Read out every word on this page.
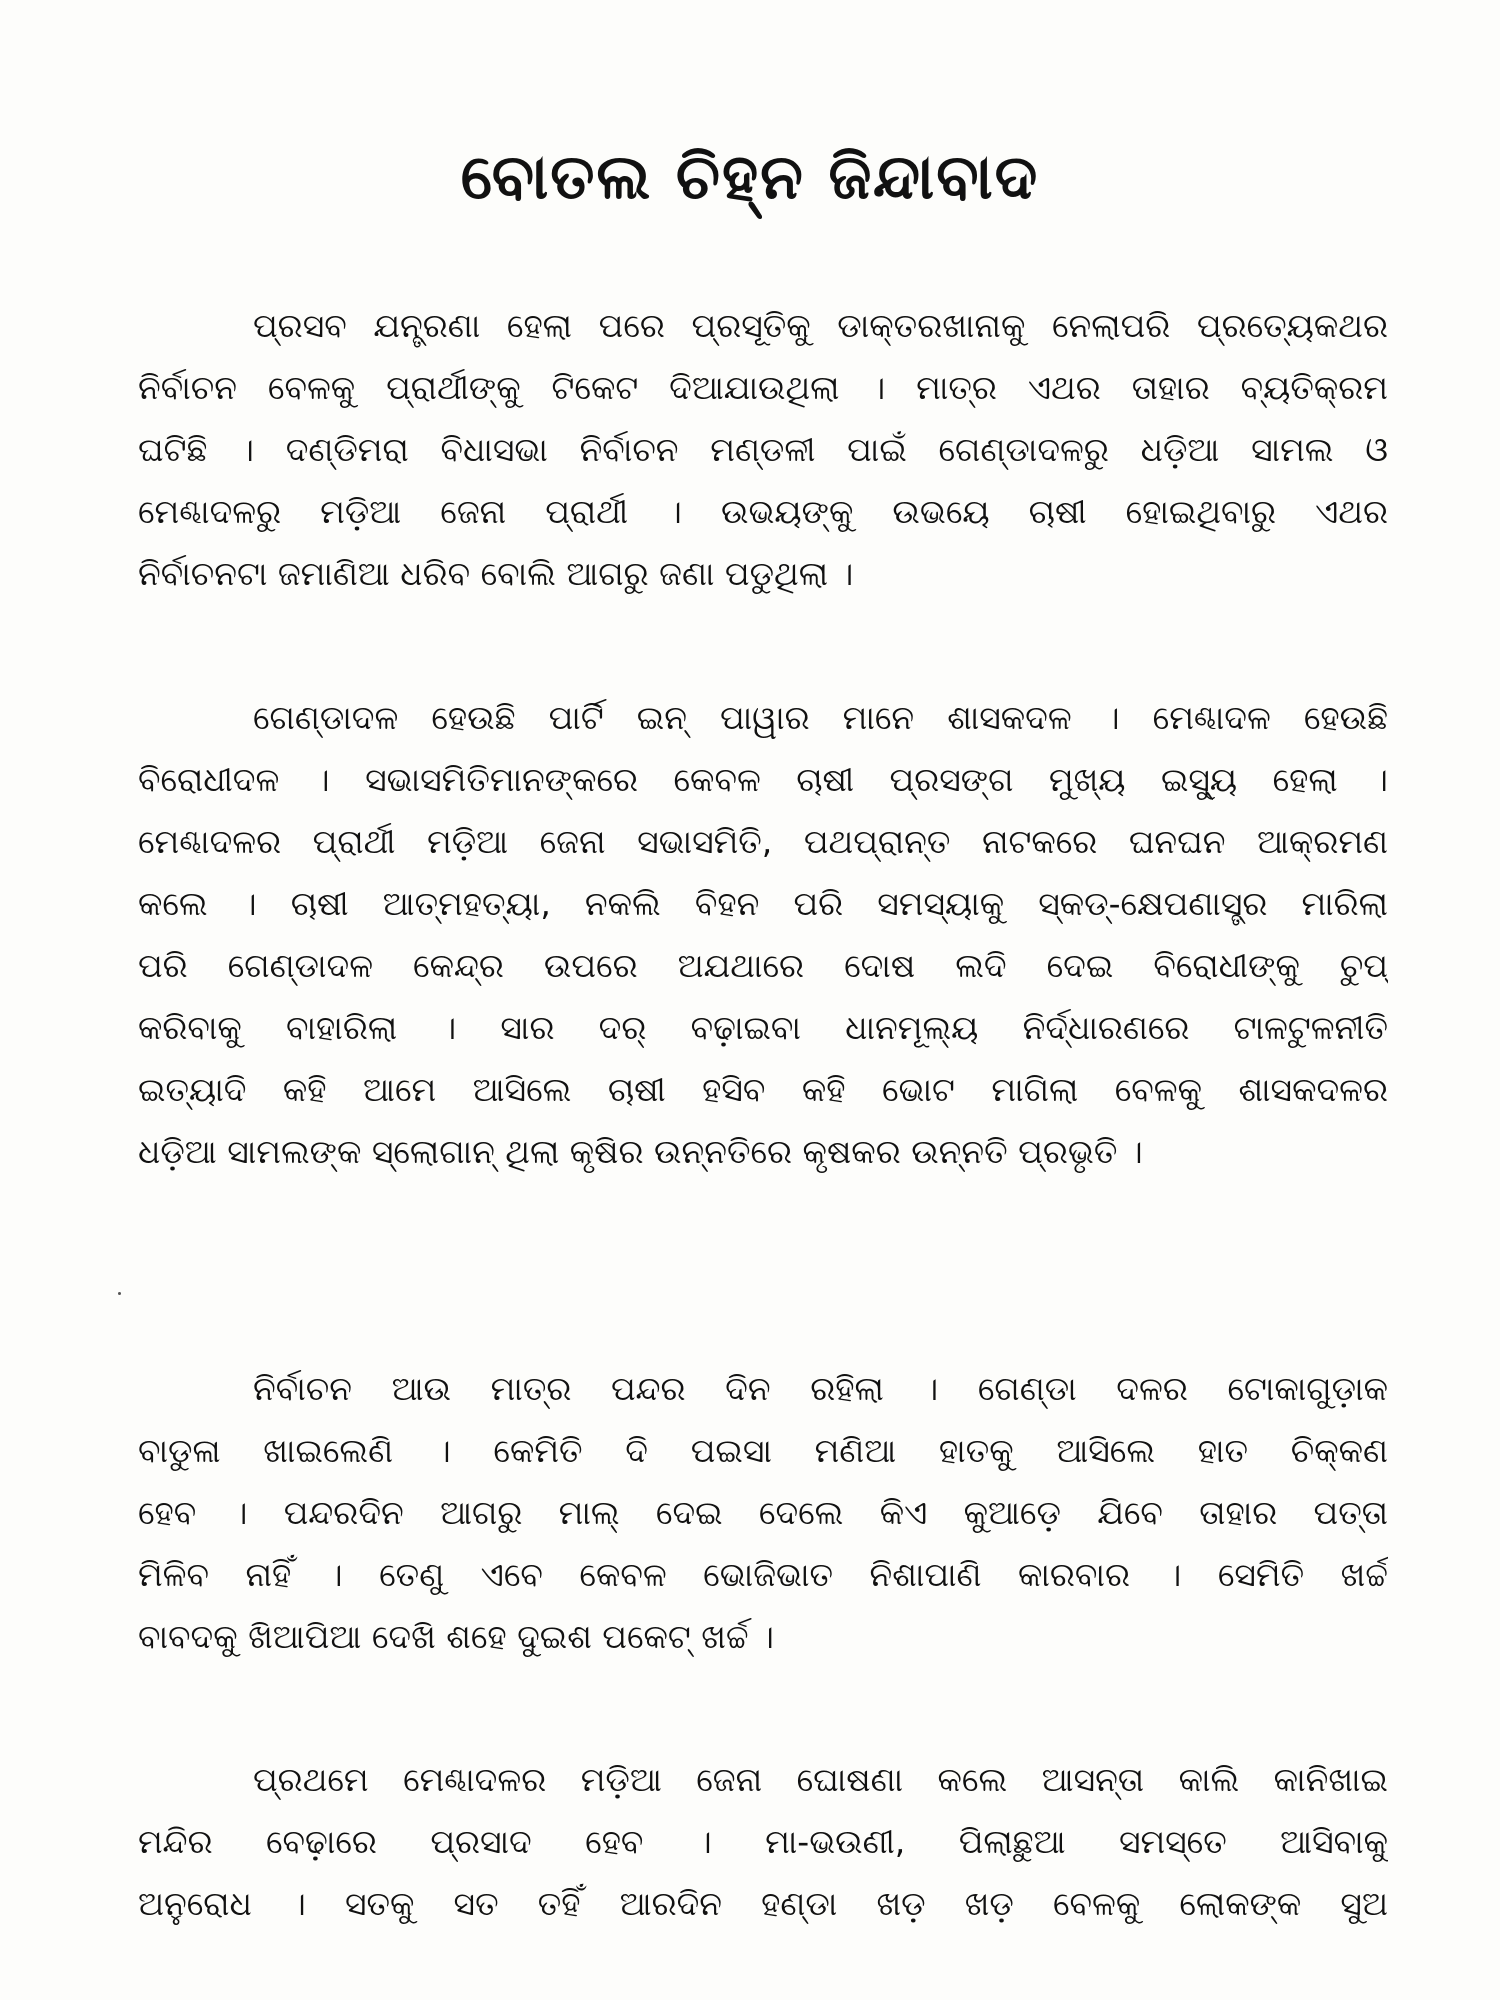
ବୋତଲ ଚିହ୍ନ ଜିନ୍ଦାବାଦ
ପ୍ରସବ ଯନ୍ତ୍ରଣା ହେଲା ପରେ ପ୍ରସୂତିକୁ ଡାକ୍ତରଖାନାକୁ ନେଲାପରି ପ୍ରତ୍ୟେକଥର
ନିର୍ବାଚନ ବେଳକୁ ପ୍ରାର୍ଥୀଙ୍କୁ ଟିକେଟ ଦିଆଯାଉଥିଲା । ମାତ୍ର ଏଥର ତାହାର ବ୍ୟତିକ୍ରମ
ଘଟିଛି । ଦଣ୍ଡିମରା ବିଧାସଭା ନିର୍ବାଚନ ମଣ୍ଡଳୀ ପାଇଁ ଗେଣ୍ଡାଦଳରୁ ଧଡ଼ିଆ ସାମଲ ଓ
ମେଣ୍ଢାଦଳରୁ ମଡ଼ିଆ ଜେନା ପ୍ରାର୍ଥୀ । ଉଭୟଙ୍କୁ ଉଭୟେ ଚାଷୀ ହୋଇଥିବାରୁ ଏଥର
ନିର୍ବାଚନଟା ଜମାଣିଆ ଧରିବ ବୋଲି ଆଗରୁ ଜଣା ପଡୁଥିଲା ।
ଗେଣ୍ଡାଦଳ ହେଉଛି ପାର୍ଟି ଇନ୍ ପାୱାର ମାନେ ଶାସକଦଳ । ମେଣ୍ଢାଦଳ ହେଉଛି
ବିରୋଧୀଦଳ । ସଭାସମିତିମାନଙ୍କରେ କେବଳ ଚାଷୀ ପ୍ରସଙ୍ଗ ମୁଖ୍ୟ ଇସ୍ୟୁ ହେଲା ।
ମେଣ୍ଢାଦଳର ପ୍ରାର୍ଥୀ ମଡ଼ିଆ ଜେନା ସଭାସମିତି, ପଥପ୍ରାନ୍ତ ନାଟକରେ ଘନଘନ ଆକ୍ରମଣ
କଲେ । ଚାଷୀ ଆତ୍ମହତ୍ୟା, ନକଲି ବିହନ ପରି ସମସ୍ୟାକୁ ସ୍କଡ୍-କ୍ଷେପଣାସ୍ତ୍ର ମାରିଲା
ପରି ଗେଣ୍ଡାଦଳ କେନ୍ଦ୍ର ଉପରେ ଅଯଥାରେ ଦୋଷ ଲଦି ଦେଇ ବିରୋଧୀଙ୍କୁ ଚୁପ୍
କରିବାକୁ ବାହାରିଲା । ସାର ଦର୍ ବଢ଼ାଇବା ଧାନମୂଲ୍ୟ ନିର୍ଦ୍ଧାରଣରେ ଟାଳଟୁଳନୀତି
ଇତ୍ୟାଦି କହି ଆମେ ଆସିଲେ ଚାଷୀ ହସିବ କହି ଭୋଟ ମାଗିଲା ବେଳକୁ ଶାସକଦଳର
ଧଡ଼ିଆ ସାମଲଙ୍କ ସ୍ଲୋଗାନ୍ ଥିଲା କୃଷିର ଉନ୍ନତିରେ କୃଷକର ଉନ୍ନତି ପ୍ରଭୃତି ।
ନିର୍ବାଚନ ଆଉ ମାତ୍ର ପନ୍ଦର ଦିନ ରହିଲା । ଗେଣ୍ଡା ଦଳର ଟୋକାଗୁଡ଼ାକ
ବାଡୁଳା ଖାଇଲେଣି । କେମିତି ଦି ପଇସା ମଣିଆ ହାତକୁ ଆସିଲେ ହାତ ଚିକ୍କଣ
ହେବ । ପନ୍ଦରଦିନ ଆଗରୁ ମାଲ୍ ଦେଇ ଦେଲେ କିଏ କୁଆଡ଼େ ଯିବେ ତାହାର ପତ୍ତା
ମିଳିବ ନାହିଁ । ତେଣୁ ଏବେ କେବଳ ଭୋଜିଭାତ ନିଶାପାଣି କାରବାର । ସେମିତି ଖର୍ଚ୍ଚ
ବାବଦକୁ ଖିଆପିଆ ଦେଖି ଶହେ ଦୁଇଶ ପକେଟ୍ ଖର୍ଚ୍ଚ ।
ପ୍ରଥମେ ମେଣ୍ଢାଦଳର ମଡ଼ିଆ ଜେନା ଘୋଷଣା କଲେ ଆସନ୍ତା କାଲି କାନିଖାଇ
ମନ୍ଦିର ବେଢ଼ାରେ ପ୍ରସାଦ ହେବ । ମା-ଭଉଣୀ, ପିଲାଛୁଆ ସମସ୍ତେ ଆସିବାକୁ
ଅନୁରୋଧ । ସତକୁ ସତ ତହିଁ ଆରଦିନ ହଣ୍ଡା ଖଡ଼ ଖଡ଼ ବେଳକୁ ଲୋକଙ୍କ ସୁଅ
